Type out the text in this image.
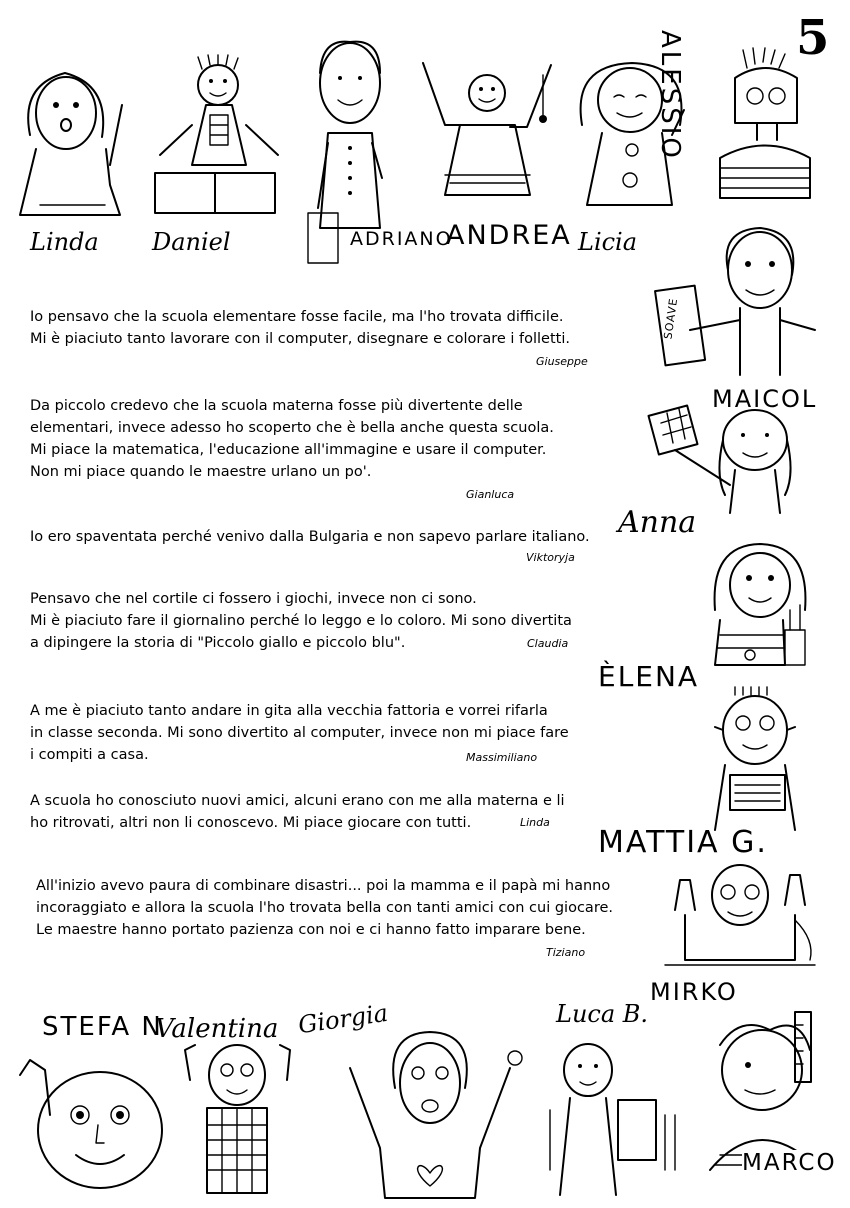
5
ALESSIO
Linda Daniel	ADRIANO
ANDREA Licia
SOAVE
MAICOL
Anna
ÈLENA
MATTIA G.

Io pensavo che la scuola elementare fosse facile, ma l'ho trovata difficile.

Mi è piaciuto tanto lavorare con il computer, disegnare e colorare i folletti.

Giuseppe

Da piccolo credevo che la scuola materna fosse più divertente delle

elementari, invece adesso ho scoperto che è bella anche questa scuola.

Mi piace la matematica, l'educazione all'immagine e usare il computer.

Non mi piace quando le maestre urlano un po'.

Gianluca

Io ero spaventata perché venivo dalla Bulgaria e non sapevo parlare italiano.

Viktoryja

Pensavo che nel cortile ci fossero i giochi, invece non ci sono.

Mi è piaciuto fare il giornalino perché lo leggo e lo coloro. Mi sono divertita

a dipingere la storia di "Piccolo giallo e piccolo blu".	Claudia

A me è piaciuto tanto andare in gita alla vecchia fattoria e vorrei rifarla

in classe seconda. Mi sono divertito al computer, invece non mi piace fare

i compiti a casa.	Massimiliano

A scuola ho conosciuto nuovi amici, alcuni erano con me alla materna e li

ho ritrovati, altri non li conoscevo. Mi piace giocare con tutti.	Linda

All'inizio avevo paura di combinare disastri... poi la mamma e il papà mi hanno

incoraggiato e allora la scuola l'ho trovata bella con tanti amici con cui giocare.

Le maestre hanno portato pazienza con noi e ci hanno fatto imparare bene.

Tiziano
STEFA N
Valentina Giorgia	Luca B.
MIRKO
MARCO
